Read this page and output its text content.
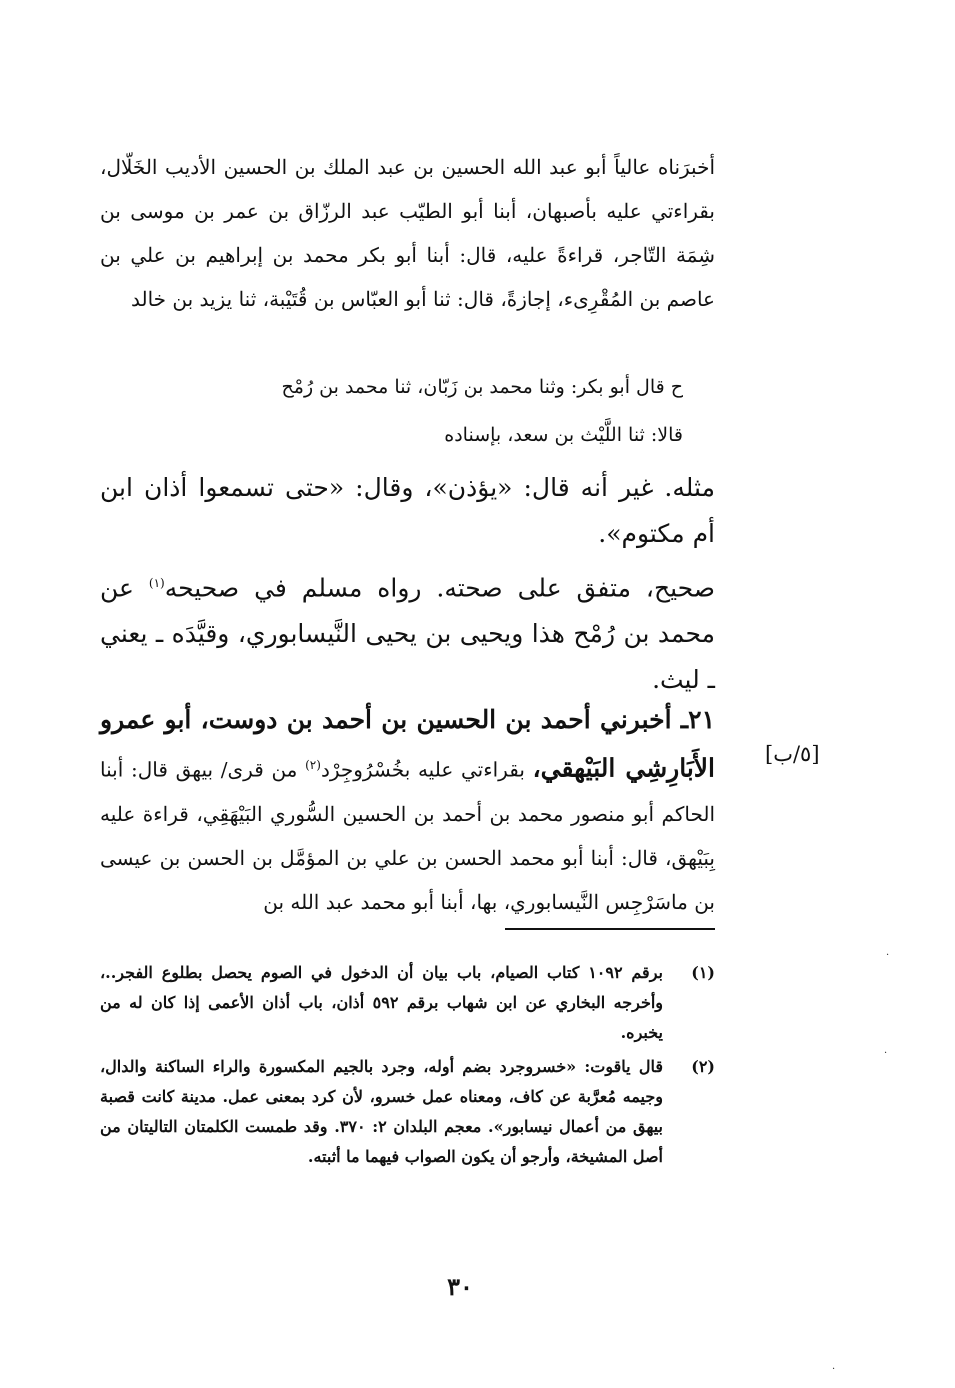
أخبرَناه عالياً أبو عبد الله الحسين بن عبد الملك بن الحسين الأديب الخَلّال، بقراءتي عليه بأصبهان، أبنا أبو الطيّب عبد الرزّاق بن عمر بن موسى بن شِمَة التّاجر، قراءةً عليه، قال: أبنا أبو بكر محمد بن إبراهيم بن علي بن عاصم بن المُقْرِىء، إجازةً، قال: ثنا أبو العبّاس بن قُتَيْبة، ثنا يزيد بن خالد
ح قال أبو بكر: وثنا محمد بن زَبّان، ثنا محمد بن رُمْح
قالا: ثنا اللَّيْث بن سعد، بإسناده
مثله. غير أنه قال: «يؤذن»، وقال: «حتى تسمعوا أذان ابن أم مكتوم».
صحيح، متفق على صحته. رواه مسلم في صحيحه$^{(١)}$ عن محمد بن رُمْح هذا ويحيى بن يحيى النَّيسابوري، وقيَّدَه ـ يعني ـ ليث.
٢١ـ أخبرني أحمد بن الحسين بن أحمد بن دوست، أبو عمرو الأَبَارِشِي البَيْهقي، بقراءتي عليه بخُسْرُوجِرْد$^{(٢)}$ من قرى/ بيهق قال: أبنا الحاكم أبو منصور محمد بن أحمد بن الحسين السُّوري البَيْهَقِي، قراءة عليه بِبَيْهق، قال: أبنا أبو محمد الحسن بن علي بن المؤمَّل بن الحسن بن عيسى بن ماسَرْجِس النَّيسابوري، بها، أبنا أبو محمد عبد الله بن
[٥/ب]
(١)
برقم ١٠٩٢ كتاب الصيام، باب بيان أن الدخول في الصوم يحصل بطلوع الفجر..، وأخرجه البخاري عن ابن شهاب برقم ٥٩٢ أذان، باب أذان الأعمى إذا كان له من يخبره.
(٢)
قال ياقوت: «خسروجرد بضم أوله، وجرد بالجيم المكسورة والراء الساكنة والدال، وجيمه مُعرَّبة عن كاف، ومعناه عمل خسرو، لأن كرد بمعنى عمل. مدينة كانت قصبة بيهق من أعمال نيسابور». معجم البلدان ٢: ٣٧٠. وقد طمست الكلمتان التاليتان من أصل المشيخة، وأرجو أن يكون الصواب فيهما ما أثبته.
٣٠
·
·
·
